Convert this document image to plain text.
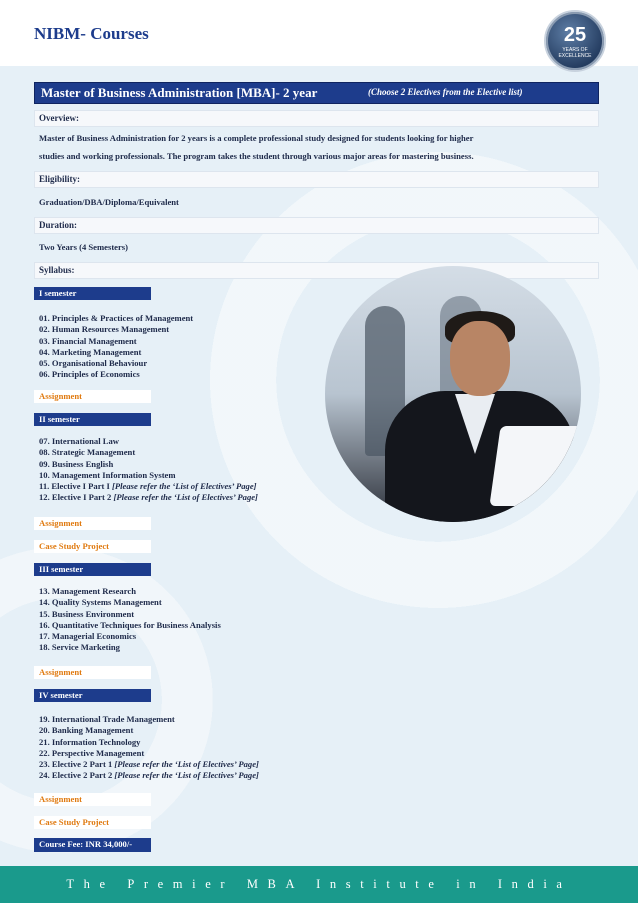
NIBM- Courses	25
YEARS OF EXCELLENCE
Master of Business Administration [MBA]- 2 year	(Choose 2 Electives from the Elective list)
Overview:
Master of Business Administration for 2 years is a complete professional study designed for students looking for higher
studies and working professionals. The program takes the student through various major areas for mastering business.
Eligibility:
Graduation/DBA/Diploma/Equivalent
Duration:
Two Years (4 Semesters)
Syllabus:
I semester
01. Principles & Practices of Management
02. Human Resources Management
03. Financial Management
04. Marketing Management
05. Organisational Behaviour
06. Principles of Economics
Assignment
II semester
07. International Law
08. Strategic Management
09. Business English
10. Management Information System
11. Elective I Part I [Please refer the ‘List of Electives’ Page]
12. Elective I Part 2 [Please refer the ‘List of Electives’ Page]
Assignment
Case Study Project
III semester
13. Management Research
14. Quality Systems Management
15. Business Environment
16. Quantitative Techniques for Business Analysis
17. Managerial Economics
18. Service Marketing
Assignment
IV semester
19. International Trade Management
20. Banking Management
21. Information Technology
22. Perspective Management
23. Elective 2 Part 1 [Please refer the ‘List of Electives’ Page]
24. Elective 2 Part 2 [Please refer the ‘List of Electives’ Page]
Assignment
Case Study Project
Course Fee: INR 34,000/-
The Premier MBA Institute in India
